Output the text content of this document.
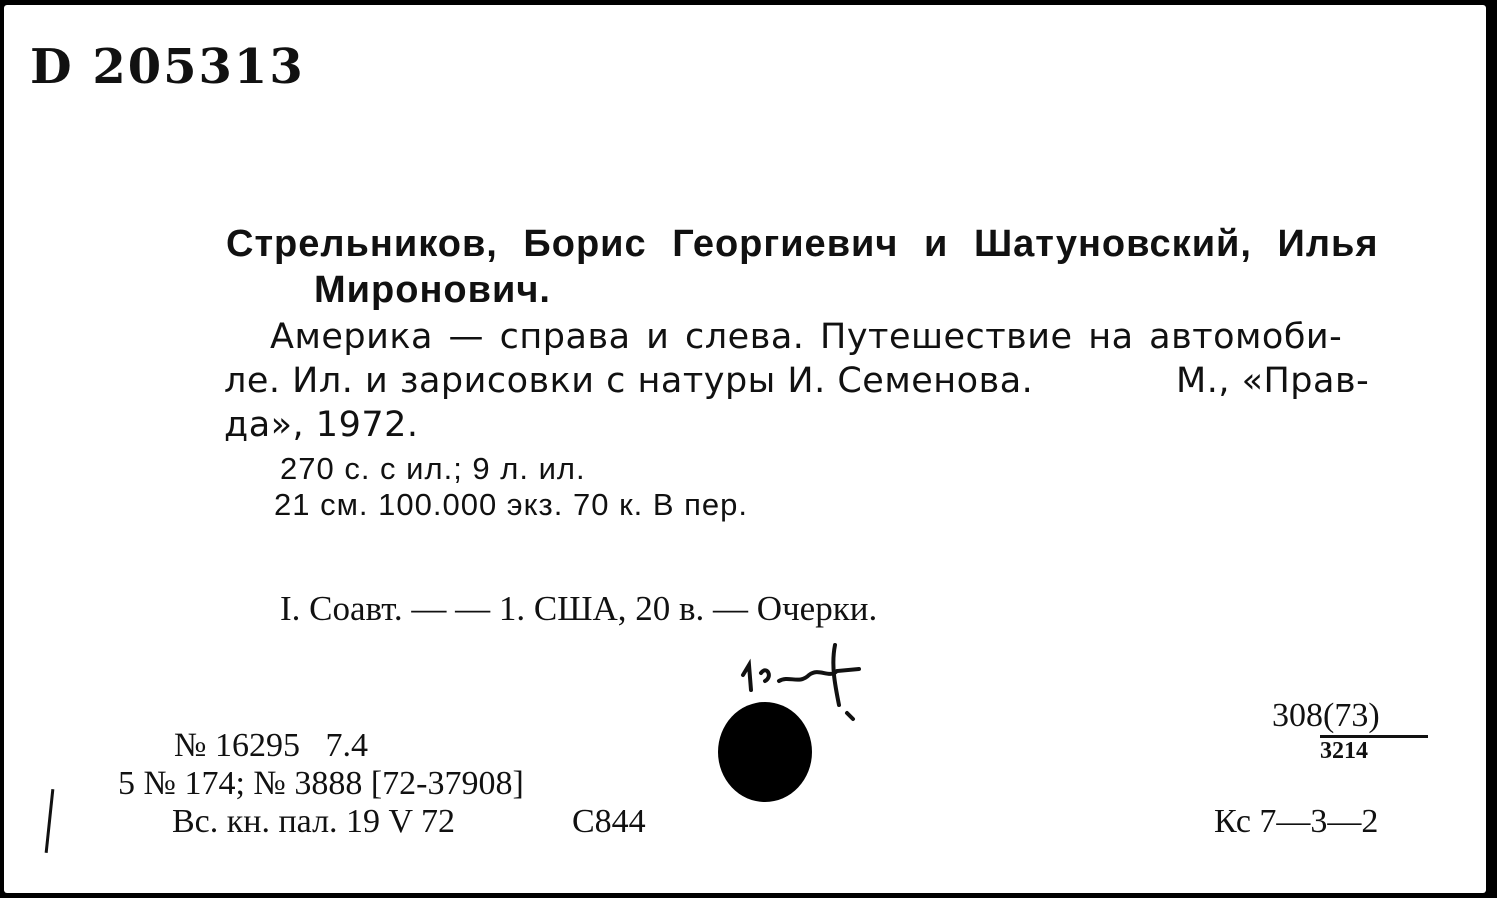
D 205313
Стрельников, Борис Георгиевич и Шатуновский, Илья
Миронович.
Америка — справа и слева. Путешествие на автомоби-
ле. Ил. и зарисовки с натуры И. Семенова.	М., «Прав-
да», 1972.
270 с. с ил.; 9 л. ил.
21 см. 100.000 экз. 70 к. В пер.
I. Соавт. — — 1. США, 20 в. — Очерки.
№ 16295   7.4
5 № 174; № 3888 [72-37908]
Вс. кн. пал. 19 V 72	С844
308(73)
3214
Кс 7—3—2
